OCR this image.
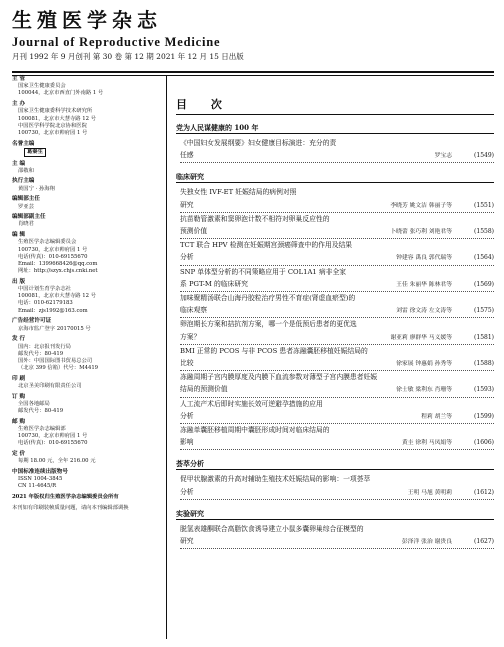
生殖医学杂志
Journal of Reproductive Medicine
月刊 1992 年 9 月创刊 第 30 卷 第 12 期 2021 年 12 月 15 日出版
主 管
国家卫生健康委员会
100044，北京市西直门外南路 1 号
主 办
国家卫生健康委科学技术研究所
100081，北京市大慧寺路 12 号
中国医学科学院北京协和医院
100730，北京市帅府园 1 号
名誉主编
葛秦生
主 编
邵敬和
执行主编
黄国宁 · 孙海翔
编辑部主任
罗亚芸
编辑部副主任
肖晓君
编 辑
生殖医学杂志编辑委员会
100730，北京市帅府园 1 号
电话(传真)：010-69155670
Email：1399668426@qq.com
网址：http://szyx.chjs.cnki.net
出 版
中国计划生育学杂志社
100081，北京市大慧寺路 12 号
电话：010-62179183
Email：zjs1992@163.com
广告经营许可证
京海市监广登字 20170015 号
发 行
国内：北京报刊发行局
邮发代号：80-419
国外：中国国际图书贸易总公司
（北京 399 信箱）代号：M4419
印 刷
北京圣美印刷有限责任公司
订 购
全国各地邮局
邮发代号：80-419
邮 购
生殖医学杂志编辑部
100730，北京市帅府园 1 号
电话(传真)：010-69155670
定 价
每期 18.00 元，全年 216.00 元
中国标准连续出版物号
ISSN 1004-3845
CN 11-4645/R
2021 年版权归生殖医学杂志编辑委员会所有
本刊如有印刷装帧质量问题，请向本刊编辑部调换
目 次
党为人民谋健康的 100 年
《中国妇女发展纲要》妇女健康目标演进：充分的责
任感	罗宝志	(1549)
临床研究
失独女性 IVF-ET 妊娠结局的病例对照
研究	李晓芳 姚文洁 韩丽子等	(1551)
抗苗勒管激素和窦卵泡计数不相符对卵巢反应性的
预测价值	卜晓蕾 张巧利 刘艳君等	(1558)
TCT 联合 HPV 检测在妊娠期宫颈癌筛查中的作用及结果
分析	钟建容 禹良 郭代瑞等	(1564)
SNP 单体型分析的不同策略应用于 COL1A1 病非全家
系 PGT-M 的临床研究	王佳 朱丽华 陈林君等	(1569)
加味聚精汤联合山海丹胶粒治疗男性不育症(肾虚血瘀型)的
临床观察	刘雷 徐文涛 左文涛等	(1575)
卵泡期长方案和拮抗剂方案，哪一个是低预后患者的更优选
方案？	谢亚莉 廖群华 马义媛等	(1581)
BMI 正常的 PCOS 与非 PCOS 患者冻融囊胚移植妊娠结局的
比较	徐家展 钟惠娟 孙秀等	(1588)
冻融周期子宫内膜厚度及内膜下血流参数对薄型子宫内膜患者妊娠
结局的预测价值	徐士敏 梁利东 肖珊等	(1593)
人工流产术后即时实施长效可逆避孕措施的应用
分析	程莉 胡兰等	(1599)
冻融单囊胚移植周期中囊胚形成时间对临床结局的
影响	黄圭 徐利 马凤娟等	(1606)
荟萃分析
促甲状腺激素的升高对辅助生殖技术妊娠结局的影响：一项荟萃
分析	王明 马旭 黄明莉	(1612)
实验研究
脱氢表雄酮联合高脂饮食诱导建立小鼠多囊卵巢综合征模型的
研究	彭泽洋 张治 谢贵良	(1627)
